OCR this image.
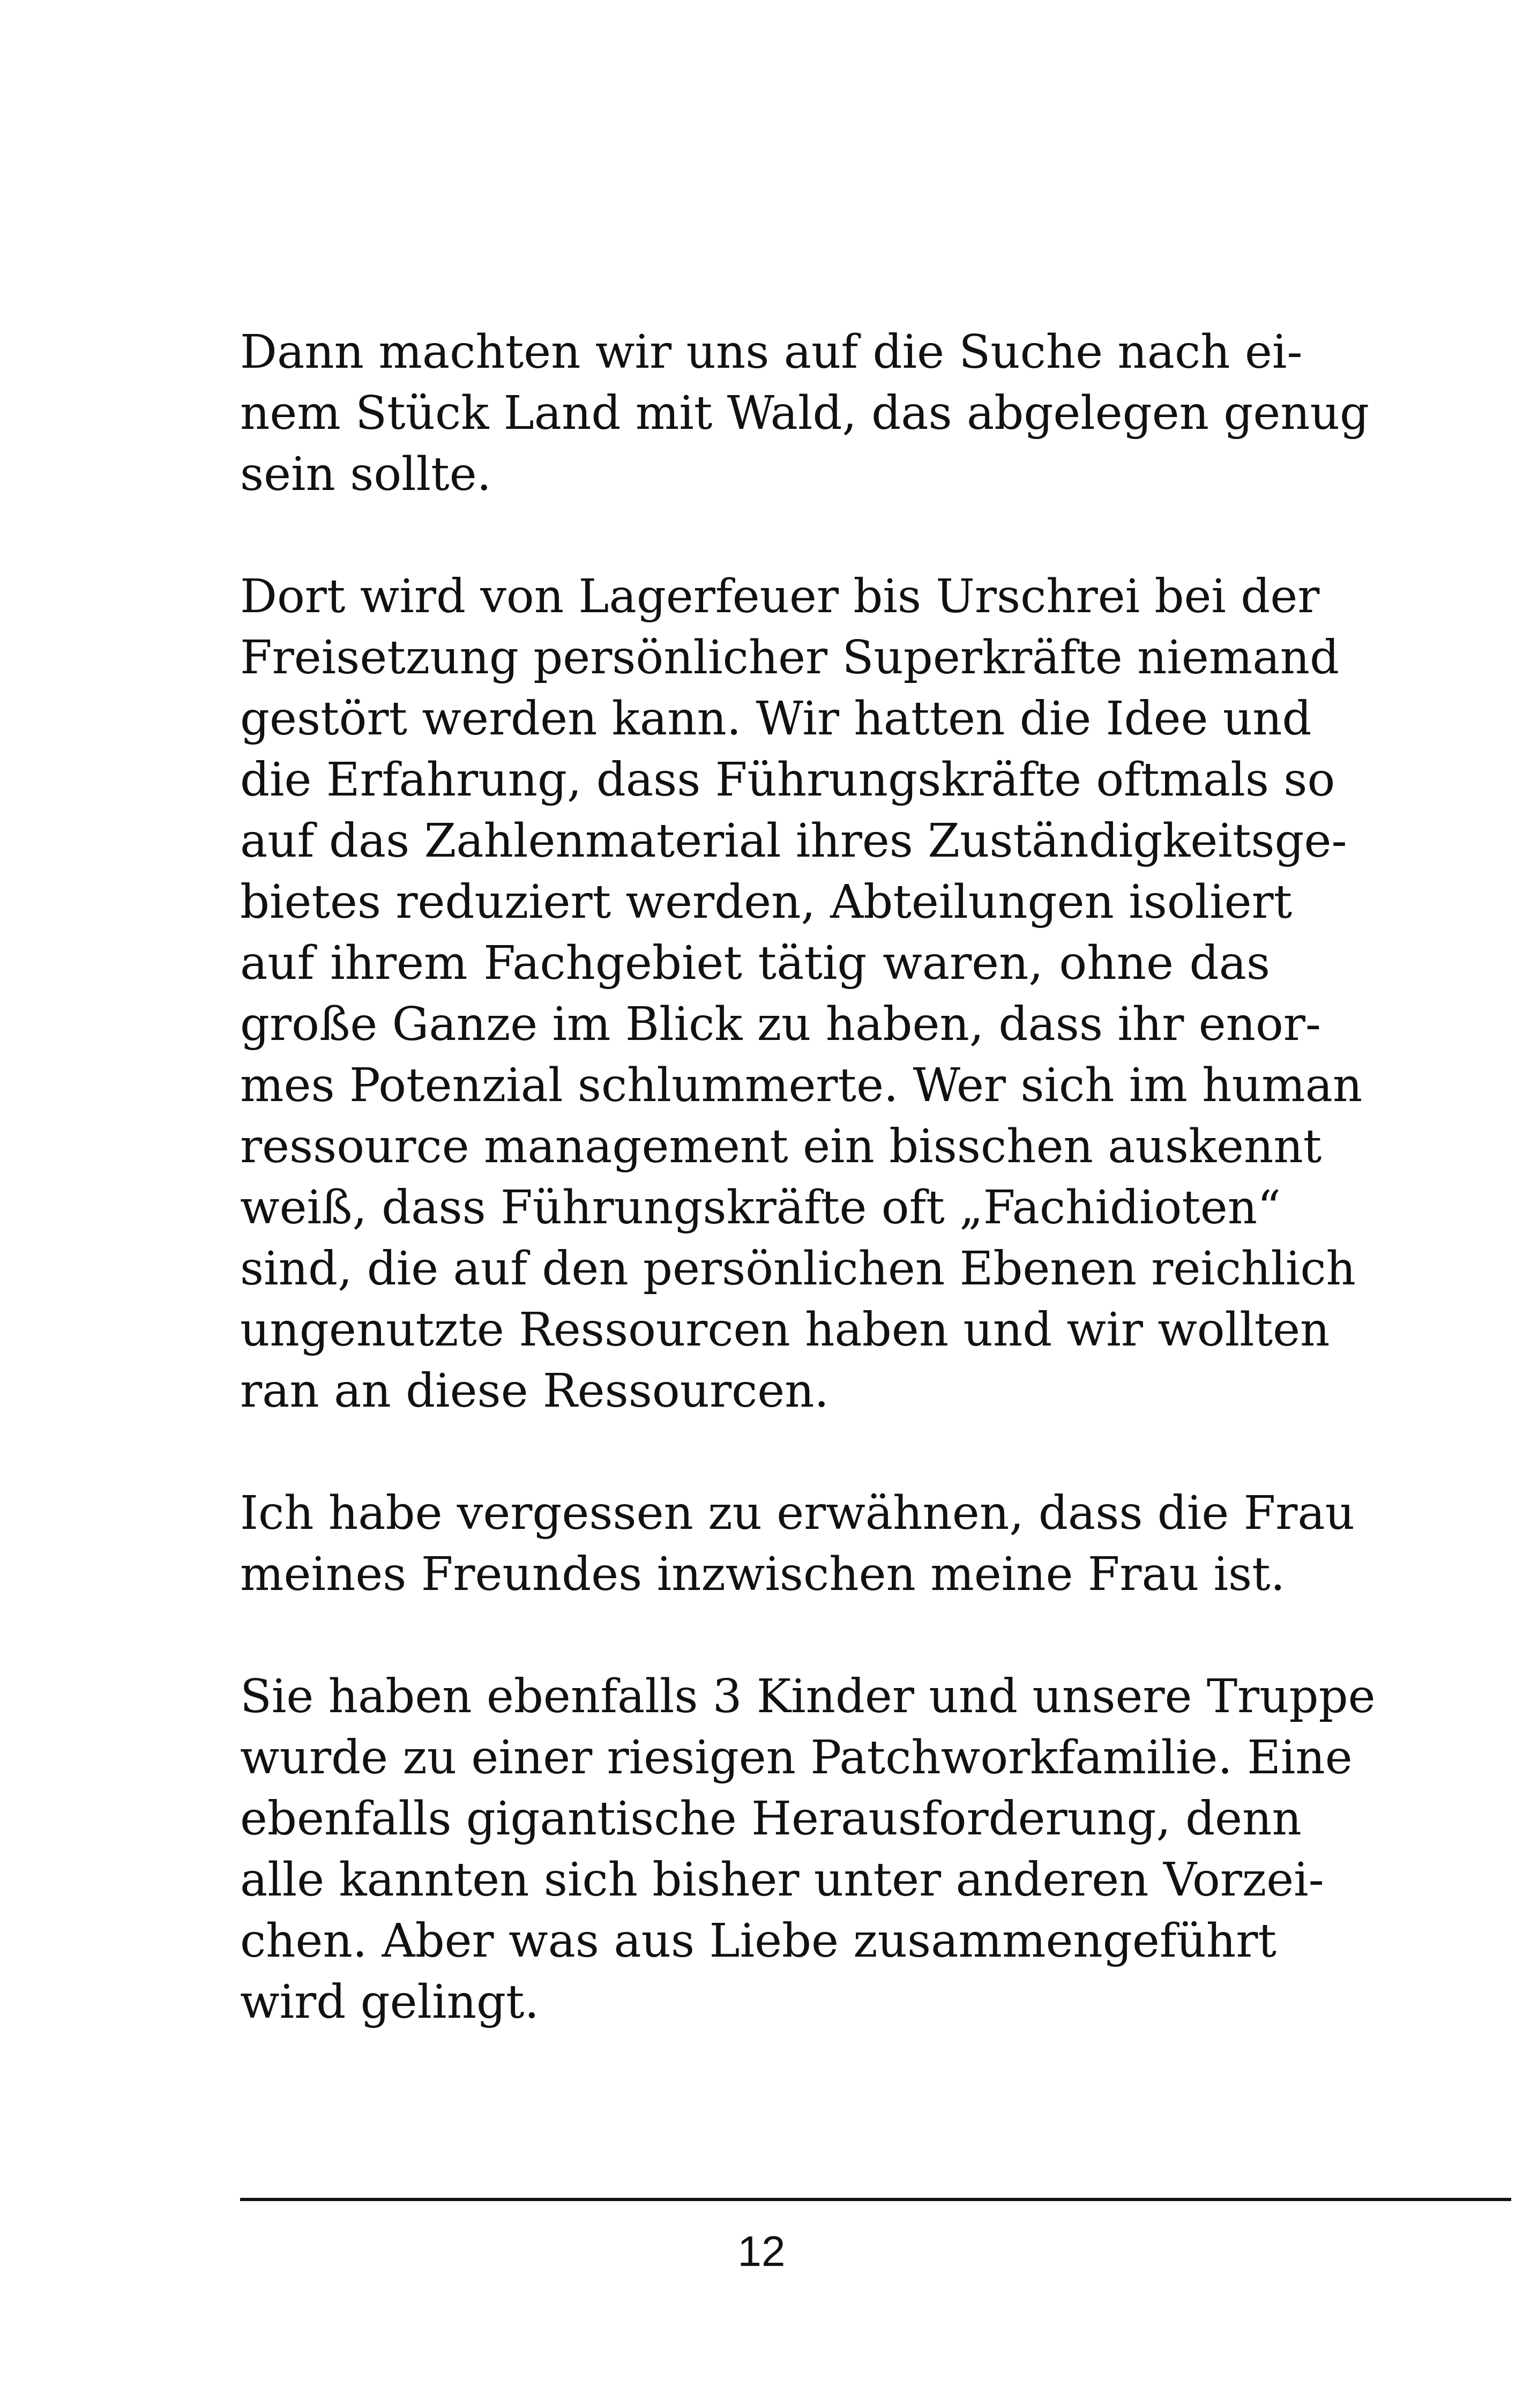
Dann machten wir uns auf die Suche nach ei-
nem Stück Land mit Wald, das abgelegen genug
sein sollte.
Dort wird von Lagerfeuer bis Urschrei bei der
Freisetzung persönlicher Superkräfte niemand
gestört werden kann. Wir hatten die Idee und
die Erfahrung, dass Führungskräfte oftmals so
auf das Zahlenmaterial ihres Zuständigkeitsge-
bietes reduziert werden, Abteilungen isoliert
auf ihrem Fachgebiet tätig waren, ohne das
große Ganze im Blick zu haben, dass ihr enor-
mes Potenzial schlummerte. Wer sich im human
ressource management ein bisschen auskennt
weiß, dass Führungskräfte oft „Fachidioten“
sind, die auf den persönlichen Ebenen reichlich
ungenutzte Ressourcen haben und wir wollten
ran an diese Ressourcen.
Ich habe vergessen zu erwähnen, dass die Frau
meines Freundes inzwischen meine Frau ist.
Sie haben ebenfalls 3 Kinder und unsere Truppe
wurde zu einer riesigen Patchworkfamilie. Eine
ebenfalls gigantische Herausforderung, denn
alle kannten sich bisher unter anderen Vorzei-
chen. Aber was aus Liebe zusammengeführt
wird gelingt.
12
